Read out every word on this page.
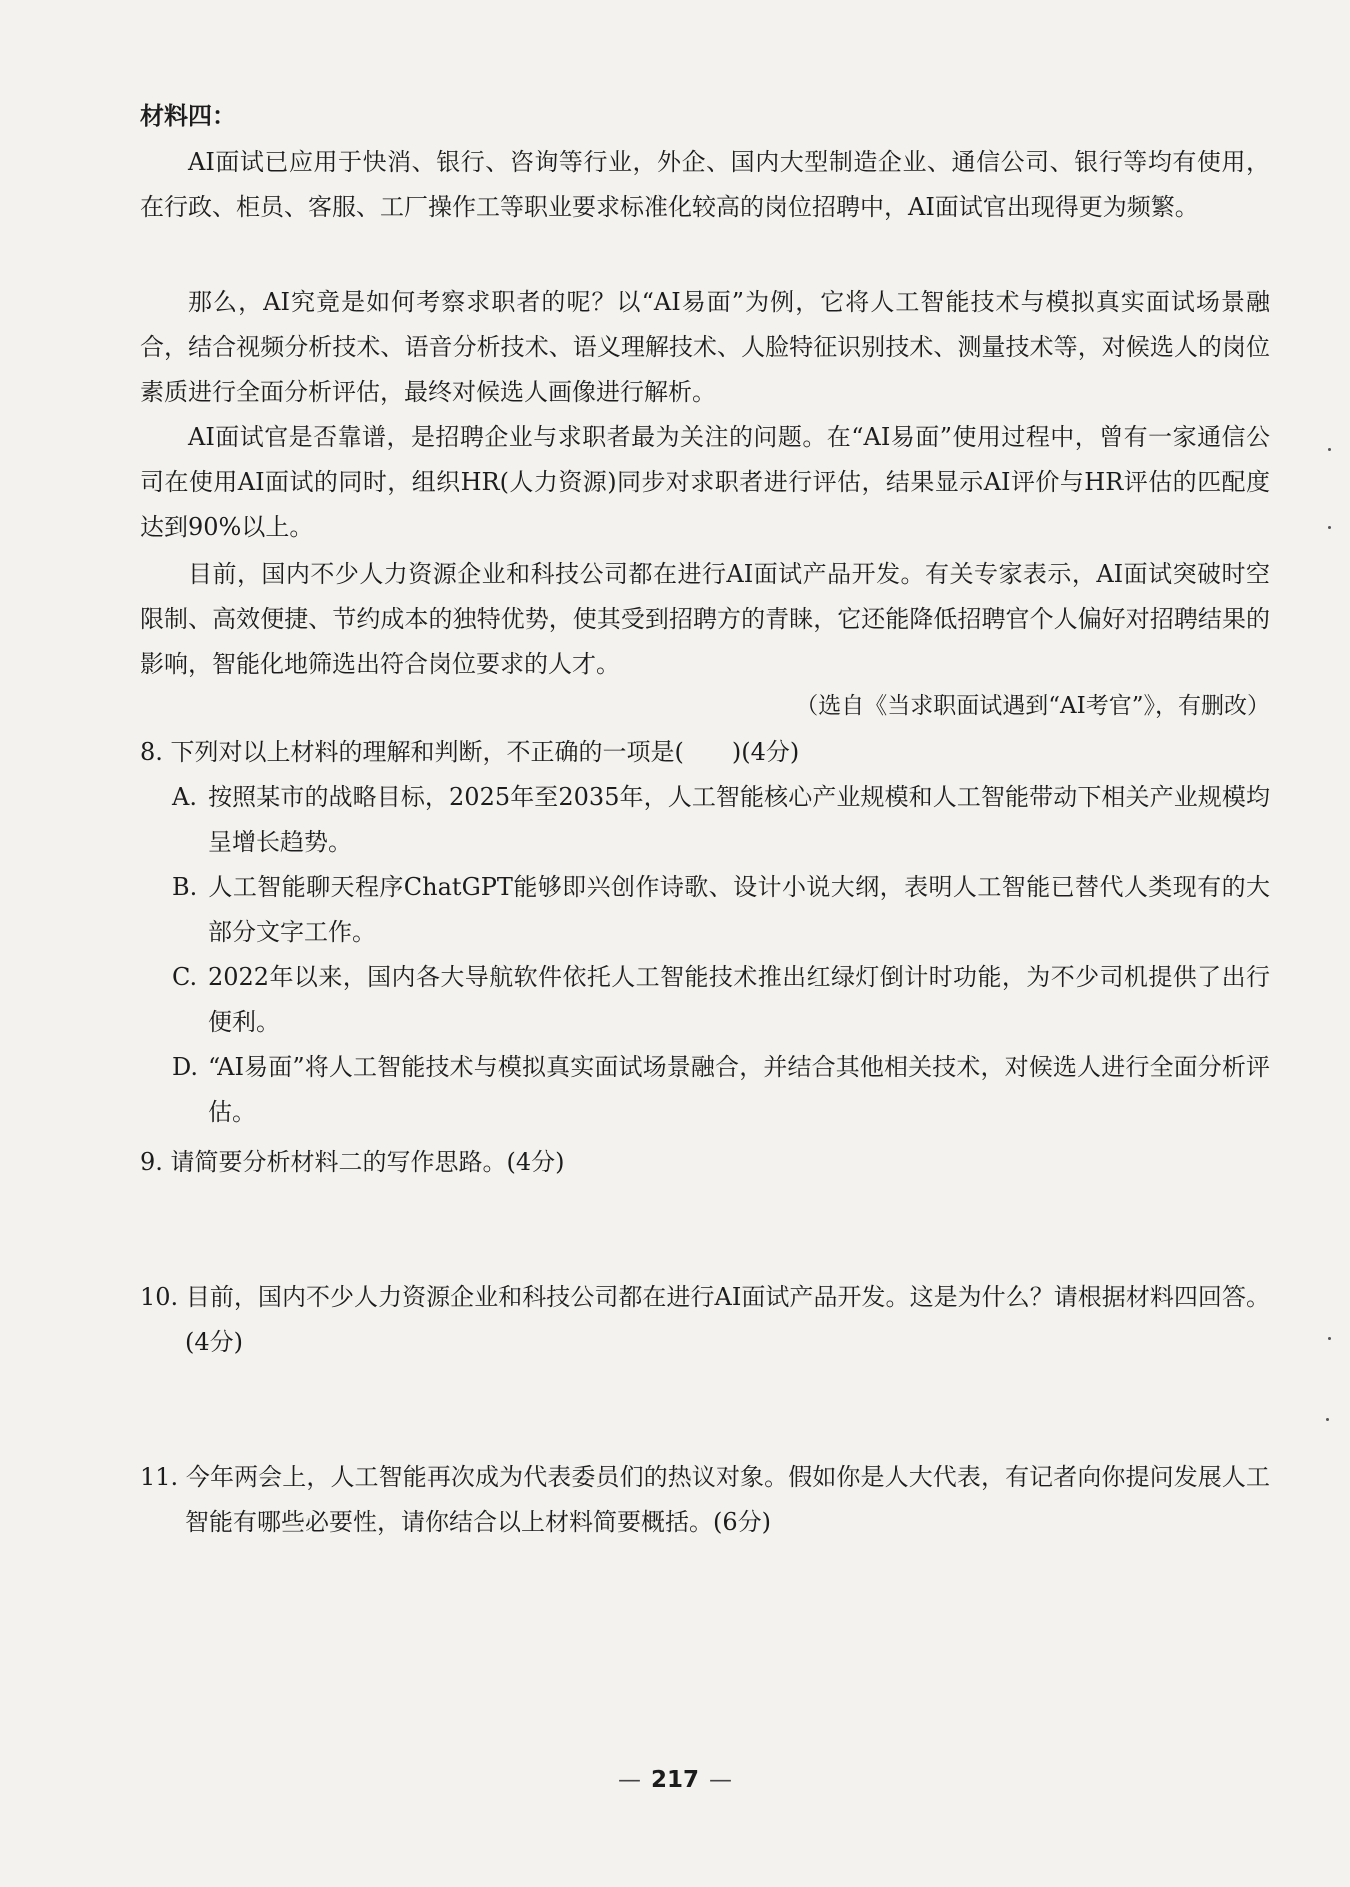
材料四：

AI面试已应用于快消、银行、咨询等行业，外企、国内大型制造企业、通信公司、银行等均有使用，在行政、柜员、客服、工厂操作工等职业要求标准化较高的岗位招聘中，AI面试官出现得更为频繁。

那么，AI究竟是如何考察求职者的呢？以“AI易面”为例，它将人工智能技术与模拟真实面试场景融合，结合视频分析技术、语音分析技术、语义理解技术、人脸特征识别技术、测量技术等，对候选人的岗位素质进行全面分析评估，最终对候选人画像进行解析。

AI面试官是否靠谱，是招聘企业与求职者最为关注的问题。在“AI易面”使用过程中，曾有一家通信公司在使用AI面试的同时，组织HR(人力资源)同步对求职者进行评估，结果显示AI评价与HR评估的匹配度达到90%以上。

目前，国内不少人力资源企业和科技公司都在进行AI面试产品开发。有关专家表示，AI面试突破时空限制、高效便捷、节约成本的独特优势，使其受到招聘方的青睐，它还能降低招聘官个人偏好对招聘结果的影响，智能化地筛选出符合岗位要求的人才。

（选自《当求职面试遇到“AI考官”》，有删改）

8. 下列对以上材料的理解和判断，不正确的一项是(　　)(4分)

A. 按照某市的战略目标，2025年至2035年，人工智能核心产业规模和人工智能带动下相关产业规模均呈增长趋势。
B. 人工智能聊天程序ChatGPT能够即兴创作诗歌、设计小说大纲，表明人工智能已替代人类现有的大部分文字工作。
C. 2022年以来，国内各大导航软件依托人工智能技术推出红绿灯倒计时功能，为不少司机提供了出行便利。
D. “AI易面”将人工智能技术与模拟真实面试场景融合，并结合其他相关技术，对候选人进行全面分析评估。

9. 请简要分析材料二的写作思路。(4分)

10. 目前，国内不少人力资源企业和科技公司都在进行AI面试产品开发。这是为什么？请根据材料四回答。(4分)

11. 今年两会上，人工智能再次成为代表委员们的热议对象。假如你是人大代表，有记者向你提问发展人工智能有哪些必要性，请你结合以上材料简要概括。(6分)

— 217 —
